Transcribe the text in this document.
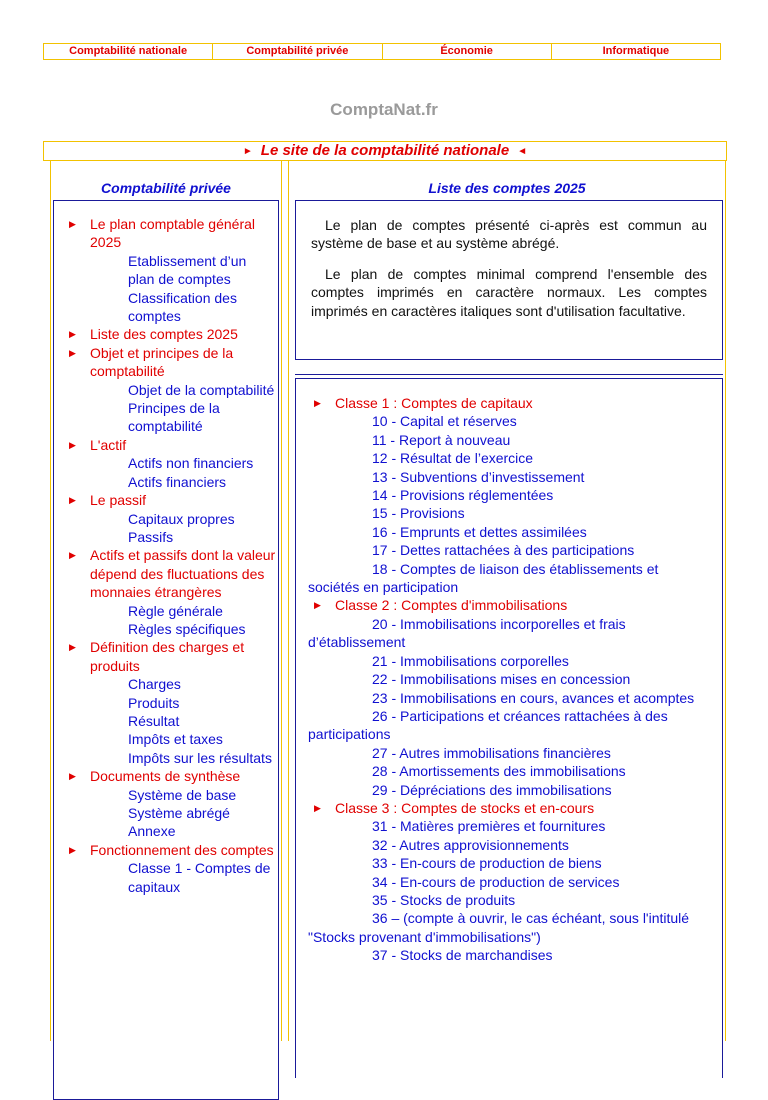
Comptabilité nationale	Comptabilité privée	Économie	Informatique
ComptaNat.fr
► Le site de la comptabilité nationale ◄
Comptabilité privée
▶ Le plan comptable général 2025
Etablissement d’un plan de comptes
Classification des comptes
▶ Liste des comptes 2025
▶ Objet et principes de la comptabilité
Objet de la comptabilité
Principes de la comptabilité
▶ L'actif
Actifs non financiers
Actifs financiers
▶ Le passif
Capitaux propres
Passifs
▶ Actifs et passifs dont la valeur dépend des fluctuations des monnaies étrangères
Règle générale
Règles spécifiques
▶ Définition des charges et produits
Charges
Produits
Résultat
Impôts et taxes
Impôts sur les résultats
▶ Documents de synthèse
Système de base
Système abrégé
Annexe
▶ Fonctionnement des comptes
Classe 1 - Comptes de capitaux
Liste des comptes 2025

Le plan de comptes présenté ci-après est commun au système de base et au système abrégé.

Le plan de comptes minimal comprend l'ensemble des comptes imprimés en caractère normaux. Les comptes imprimés en caractères italiques sont d'utilisation facultative.

▶ Classe 1 : Comptes de capitaux
10 - Capital et réserves
11 - Report à nouveau
12 - Résultat de l’exercice
13 - Subventions d’investissement
14 - Provisions réglementées
15 - Provisions
16 - Emprunts et dettes assimilées
17 - Dettes rattachées à des participations
18 - Comptes de liaison des établissements et
sociétés en participation
▶ Classe 2 : Comptes d'immobilisations
20 - Immobilisations incorporelles et frais
d’établissement
21 - Immobilisations corporelles
22 - Immobilisations mises en concession
23 - Immobilisations en cours, avances et acomptes
26 - Participations et créances rattachées à des
participations
27 - Autres immobilisations financières
28 - Amortissements des immobilisations
29 - Dépréciations des immobilisations
▶ Classe 3 : Comptes de stocks et en-cours
31 - Matières premières et fournitures
32 - Autres approvisionnements
33 - En-cours de production de biens
34 - En-cours de production de services
35 - Stocks de produits
36 – (compte à ouvrir, le cas échéant, sous l'intitulé
"Stocks provenant d'immobilisations")
37 - Stocks de marchandises
